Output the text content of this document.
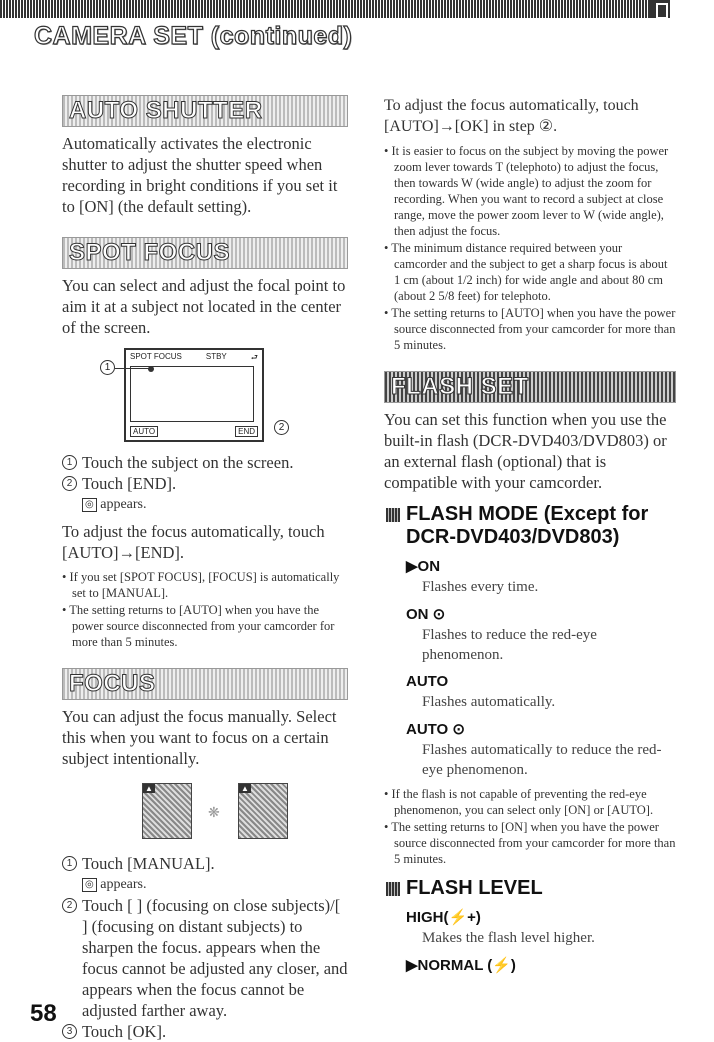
CAMERA SET (continued)
AUTO SHUTTER

Automatically activates the electronic shutter to adjust the shutter speed when recording in bright conditions if you set it to [ON] (the default setting).

SPOT FOCUS

You can select and adjust the focal point to aim it at a subject not located in the center of the screen.

SPOT FOCUS	STBY	⮐
AUTO	END
1
2
1 Touch the subject on the screen.
2 Touch [END].
◎ appears.

To adjust the focus automatically, touch [AUTO]→[END].

• If you set [SPOT FOCUS], [FOCUS] is automatically set to [MANUAL].
• The setting returns to [AUTO] when you have the power source disconnected from your camcorder for more than 5 minutes.
FOCUS

You can adjust the focus manually. Select this when you want to focus on a certain subject intentionally.

▲
❋
▲
1 Touch [MANUAL].
◎ appears.
2 Touch [ ] (focusing on close subjects)/[ ] (focusing on distant subjects) to sharpen the focus. appears when the focus cannot be adjusted any closer, and appears when the focus cannot be adjusted farther away.
3 Touch [OK].

To adjust the focus automatically, touch [AUTO]→[OK] in step ②.

• It is easier to focus on the subject by moving the power zoom lever towards T (telephoto) to adjust the focus, then towards W (wide angle) to adjust the zoom for recording. When you want to record a subject at close range, move the power zoom lever to W (wide angle), then adjust the focus.
• The minimum distance required between your camcorder and the subject to get a sharp focus is about 1 cm (about 1/2 inch) for wide angle and about 80 cm (about 2 5/8 feet) for telephoto.
• The setting returns to [AUTO] when you have the power source disconnected from your camcorder for more than 5 minutes.
FLASH SET

You can set this function when you use the built-in flash (DCR-DVD403/DVD803) or an external flash (optional) that is compatible with your camcorder.

FLASH MODE (Except for DCR-DVD403/DVD803)
▶ON
Flashes every time.
ON ⊙
Flashes to reduce the red-eye phenomenon.
AUTO
Flashes automatically.
AUTO ⊙
Flashes automatically to reduce the red-eye phenomenon.
• If the flash is not capable of preventing the red-eye phenomenon, you can select only [ON] or [AUTO].
• The setting returns to [ON] when you have the power source disconnected from your camcorder for more than 5 minutes.
FLASH LEVEL
HIGH(⚡+)
Makes the flash level higher.
▶NORMAL (⚡)
58
